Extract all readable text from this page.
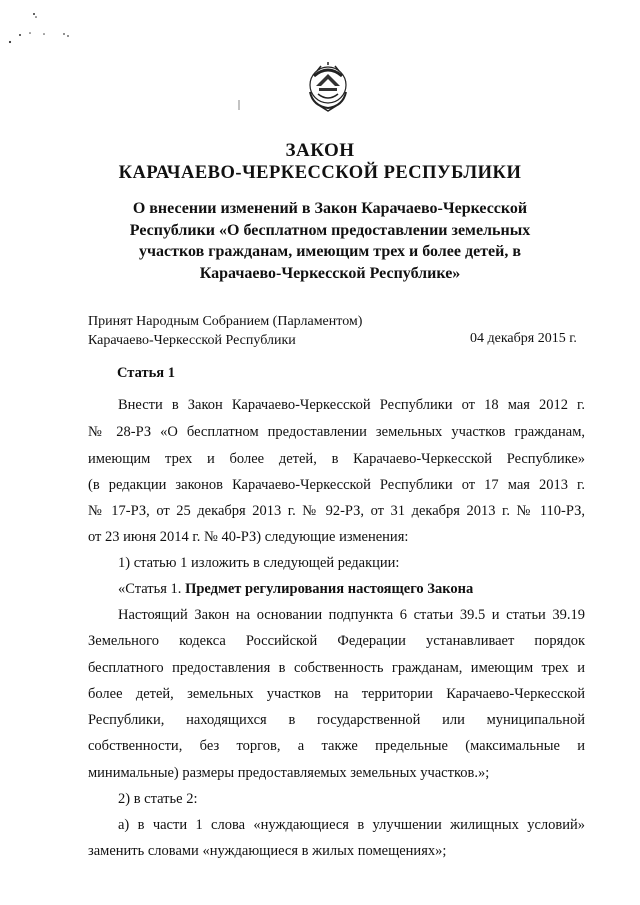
ЗАКОН
КАРАЧАЕВО-ЧЕРКЕССКОЙ РЕСПУБЛИКИ
О внесении изменений в Закон Карачаево-Черкесской
Республики «О бесплатном предоставлении земельных
участков гражданам, имеющим трех и более детей, в
Карачаево-Черкесской Республике»
Принят Народным Собранием (Парламентом)
Карачаево-Черкесской Республики	04 декабря 2015 г.
Статья 1
Внести в Закон Карачаево-Черкесской Республики от 18 мая 2012 г.
№ 28-РЗ «О бесплатном предоставлении земельных участков гражданам,
имеющим трех и более детей, в Карачаево-Черкесской Республике»
(в редакции законов Карачаево-Черкесской Республики от 17 мая 2013 г.
№ 17-РЗ, от 25 декабря 2013 г. № 92-РЗ, от 31 декабря 2013 г. № 110-РЗ,
от 23 июня 2014 г. № 40-РЗ) следующие изменения:
1) статью 1 изложить в следующей редакции:
«Статья 1. Предмет регулирования настоящего Закона
Настоящий Закон на основании подпункта 6 статьи 39.5 и статьи 39.19
Земельного кодекса Российской Федерации устанавливает порядок
бесплатного предоставления в собственность гражданам, имеющим трех и
более детей, земельных участков на территории Карачаево-Черкесской
Республики, находящихся в государственной или муниципальной
собственности, без торгов, а также предельные (максимальные и
минимальные) размеры предоставляемых земельных участков.»;
2) в статье 2:
а) в части 1 слова «нуждающиеся в улучшении жилищных условий»
заменить словами «нуждающиеся в жилых помещениях»;
